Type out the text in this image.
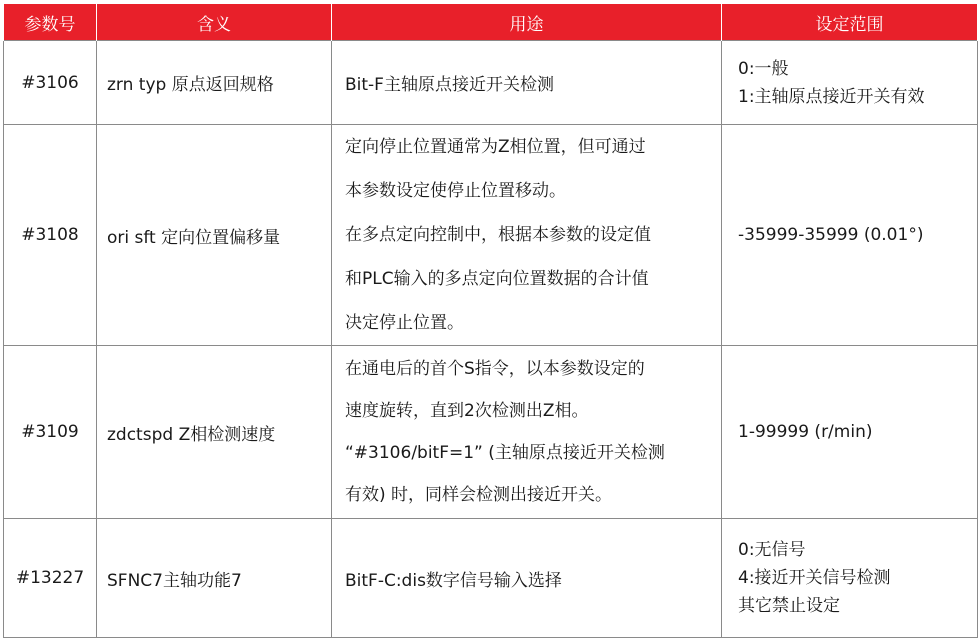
参数号	含义	用途	设定范围
#3106	zrn typ 原点返回规格	Bit-F主轴原点接近开关检测	0:一般
1:主轴原点接近开关有效

#3108	ori sft 定向位置偏移量	定向停止位置通常为Z相位置，但可通过
本参数设定使停止位置移动。
在多点定向控制中，根据本参数的设定值
和PLC输入的多点定向位置数据的合计值
决定停止位置。	-35999-35999 (0.01°)

#3109	zdctspd Z相检测速度	在通电后的首个S指令，以本参数设定的
速度旋转，直到2次检测出Z相。
“#3106/bitF=1” (主轴原点接近开关检测
有效) 时，同样会检测出接近开关。	1-99999 (r/min)

#13227	SFNC7主轴功能7	BitF-C:dis数字信号输入选择	0:无信号
4:接近开关信号检测
其它禁止设定
